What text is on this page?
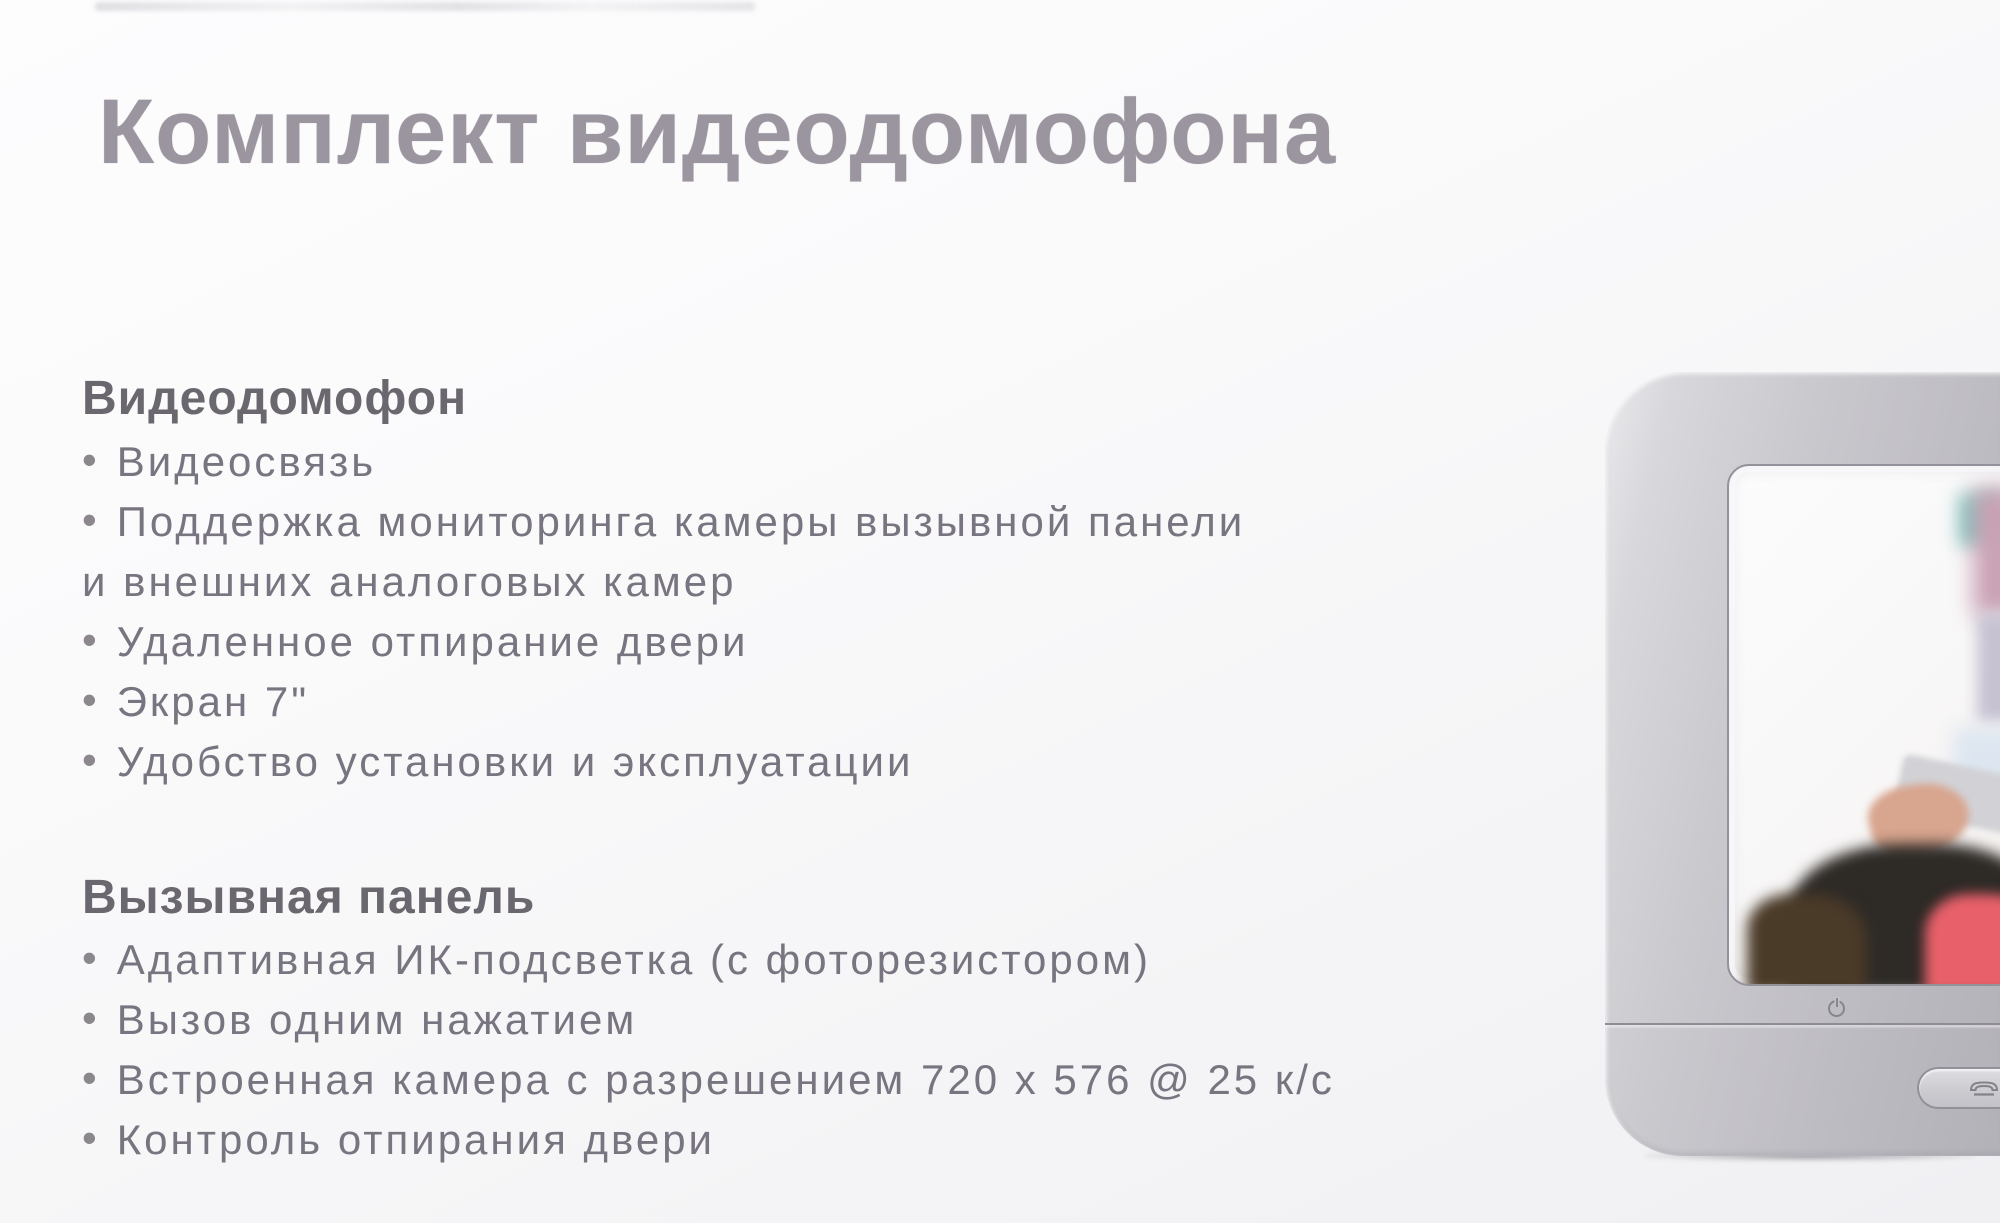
Комплект видеодомофона
Видеодомофон
• Видеосвязь
• Поддержка мониторинга камеры вызывной панели
и внешних аналоговых камер
• Удаленное отпирание двери
• Экран 7"
• Удобство установки и эксплуатации
Вызывная панель
• Адаптивная ИК-подсветка (с фоторезистором)
• Вызов одним нажатием
• Встроенная камера с разрешением 720 x 576 @ 25 к/с
• Контроль отпирания двери
